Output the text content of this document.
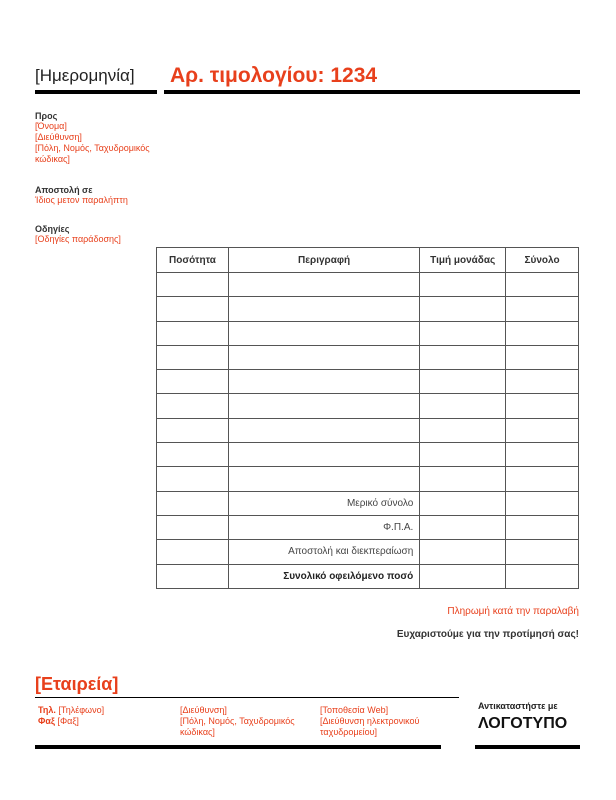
[Ημερομηνία] Αρ. τιμολογίου: 1234
Προς
[Όνομα]
[Διεύθυνση]
[Πόλη, Νομός, Ταχυδρομικός
κώδικας]
Αποστολή σε
Ίδιος μετον παραλήπτη
Οδηγίες
[Οδηγίες παράδοσης]
Ποσότητα	Περιγραφή	Τιμή μονάδας	Σύνολο

	Μερικό σύνολο		
	Φ.Π.Α.		
	Αποστολή και διεκπεραίωση		
	Συνολικό οφειλόμενο ποσό		
Πληρωμή κατά την παραλαβή
Ευχαριστούμε για την προτίμησή σας!
[Εταιρεία]
Τηλ. [Τηλέφωνο]
Φαξ [Φαξ]
[Διεύθυνση]
[Πόλη, Νομός, Ταχυδρομικός
κώδικας]
[Τοποθεσία Web]
[Διεύθυνση ηλεκτρονικού
ταχυδρομείου]
Αντικαταστήστε με
ΛΟΓΟΤΥΠΟ
